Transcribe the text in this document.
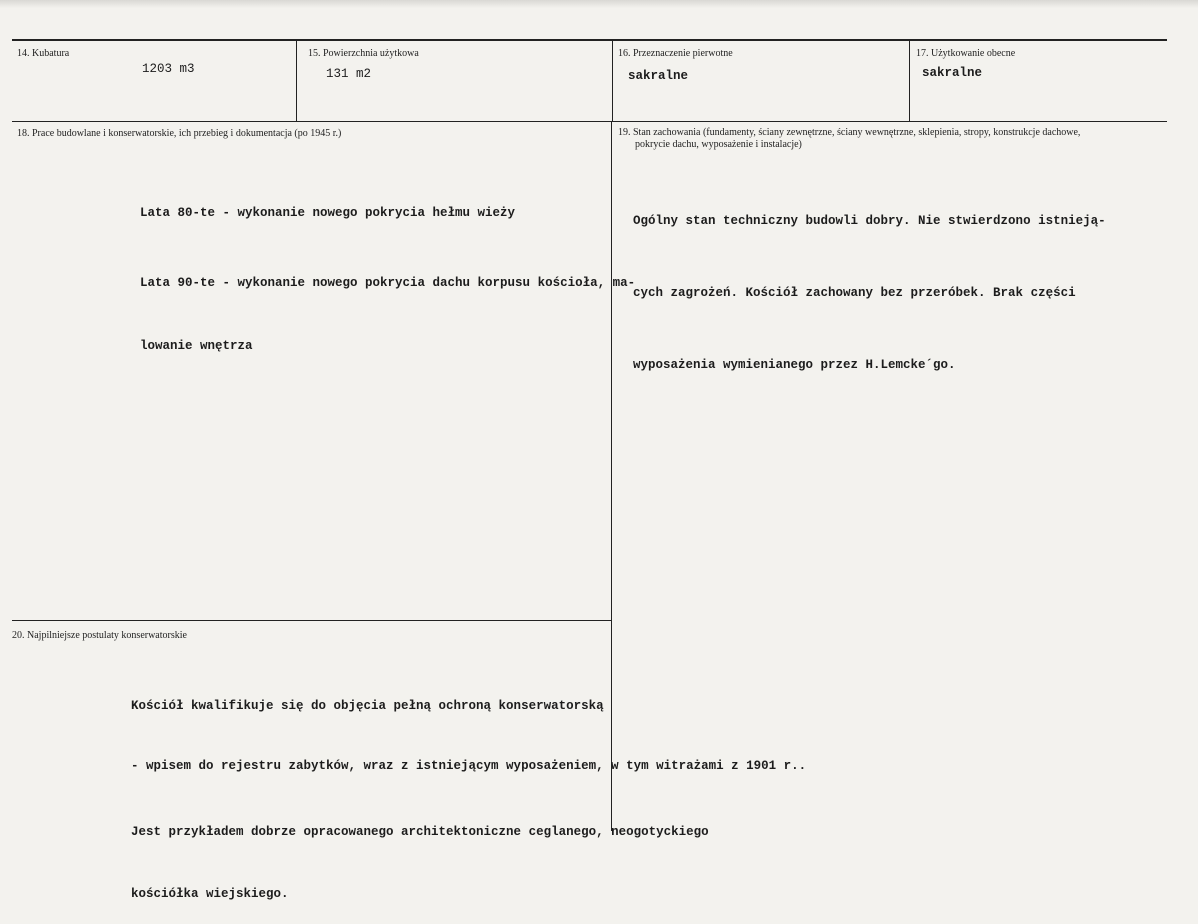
14. Kubatura
1203 m3
15. Powierzchnia użytkowa
131 m2
16. Przeznaczenie pierwotne
sakralne
17. Użytkowanie obecne
sakralne
18. Prace budowlane i konserwatorskie, ich przebieg i dokumentacja (po 1945 r.)

Lata 80-te - wykonanie nowego pokrycia hełmu wieży

Lata 90-te - wykonanie nowego pokrycia dachu korpusu kościoła, ma-

lowanie wnętrza

19. Stan zachowania (fundamenty, ściany zewnętrzne, ściany wewnętrzne, sklepienia, stropy, konstrukcje dachowe,
pokrycie dachu, wyposażenie i instalacje)

Ogólny stan techniczny budowli dobry. Nie stwierdzono istnieją-

cych zagrożeń. Kościół zachowany bez przeróbek. Brak części

wyposażenia wymienianego przez H.Lemcke´go.

20. Najpilniejsze postulaty konserwatorskie

Kościół kwalifikuje się do objęcia pełną ochroną konserwatorską

- wpisem do rejestru zabytków, wraz z istniejącym wyposażeniem, w tym witrażami z 1901 r..

Jest przykładem dobrze opracowanego architektoniczne ceglanego, neogotyckiego

kościółka wiejskiego.
